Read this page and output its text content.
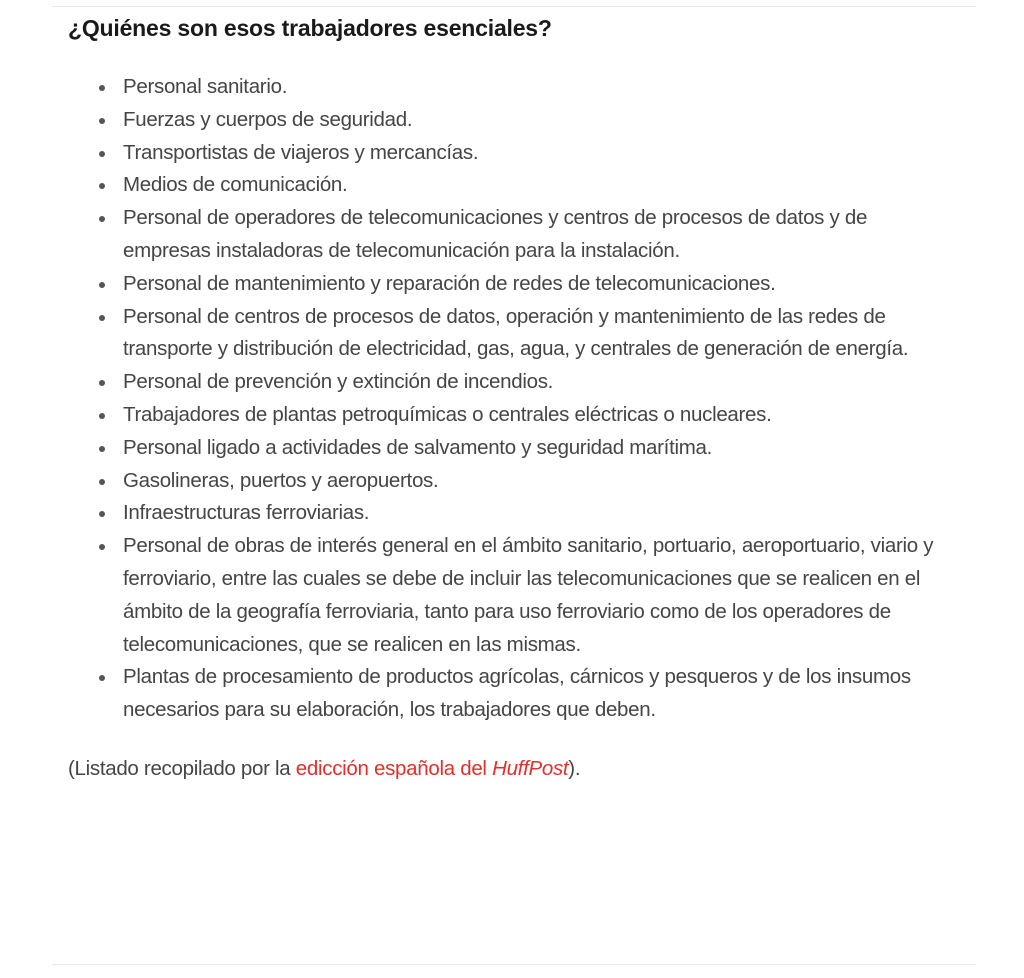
¿Quiénes son esos trabajadores esenciales?
Personal sanitario.
Fuerzas y cuerpos de seguridad.
Transportistas de viajeros y mercancías.
Medios de comunicación.
Personal de operadores de telecomunicaciones y centros de procesos de datos y de empresas instaladoras de telecomunicación para la instalación.
Personal de mantenimiento y reparación de redes de telecomunicaciones.
Personal de centros de procesos de datos, operación y mantenimiento de las redes de transporte y distribución de electricidad, gas, agua, y centrales de generación de energía.
Personal de prevención y extinción de incendios.
Trabajadores de plantas petroquímicas o centrales eléctricas o nucleares.
Personal ligado a actividades de salvamento y seguridad marítima.
Gasolineras, puertos y aeropuertos.
Infraestructuras ferroviarias.
Personal de obras de interés general en el ámbito sanitario, portuario, aeroportuario, viario y ferroviario, entre las cuales se debe de incluir las telecomunicaciones que se realicen en el ámbito de la geografía ferroviaria, tanto para uso ferroviario como de los operadores de telecomunicaciones, que se realicen en las mismas.
Plantas de procesamiento de productos agrícolas, cárnicos y pesqueros y de los insumos necesarios para su elaboración, los trabajadores que deben.

(Listado recopilado por la edicción española del HuffPost).
